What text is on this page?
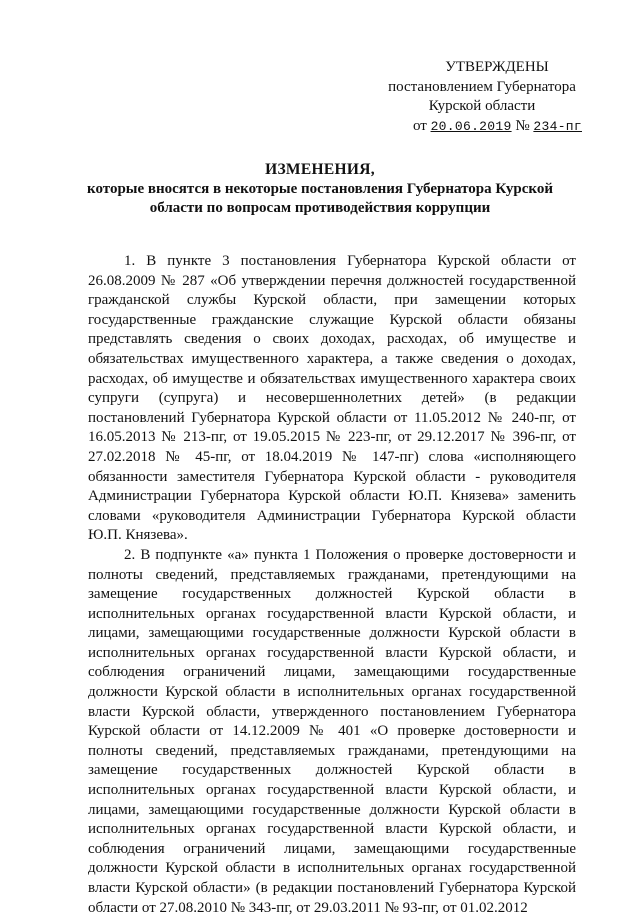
УТВЕРЖДЕНЫ
постановлением Губернатора
Курской области
от 20.06.2019 № 234-пг
ИЗМЕНЕНИЯ,
которые вносятся в некоторые постановления Губернатора Курской области по вопросам противодействия коррупции

1. В пункте 3 постановления Губернатора Курской области от 26.08.2009 № 287 «Об утверждении перечня должностей государственной гражданской службы Курской области, при замещении которых государственные гражданские служащие Курской области обязаны представлять сведения о своих доходах, расходах, об имуществе и обязательствах имущественного характера, а также сведения о доходах, расходах, об имуществе и обязательствах имущественного характера своих супруги (супруга) и несовершеннолетних детей» (в редакции постановлений Губернатора Курской области от 11.05.2012 № 240-пг, от 16.05.2013 № 213-пг, от 19.05.2015 № 223-пг, от 29.12.2017 № 396-пг, от 27.02.2018 № 45-пг, от 18.04.2019 № 147-пг) слова «исполняющего обязанности заместителя Губернатора Курской области - руководителя Администрации Губернатора Курской области Ю.П. Князева» заменить словами «руководителя Администрации Губернатора Курской области Ю.П. Князева».

2. В подпункте «а» пункта 1 Положения о проверке достоверности и полноты сведений, представляемых гражданами, претендующими на замещение государственных должностей Курской области в исполнительных органах государственной власти Курской области, и лицами, замещающими государственные должности Курской области в исполнительных органах государственной власти Курской области, и соблюдения ограничений лицами, замещающими государственные должности Курской области в исполнительных органах государственной власти Курской области, утвержденного постановлением Губернатора Курской области от 14.12.2009 № 401 «О проверке достоверности и полноты сведений, представляемых гражданами, претендующими на замещение государственных должностей Курской области в исполнительных органах государственной власти Курской области, и лицами, замещающими государственные должности Курской области в исполнительных органах государственной власти Курской области, и соблюдения ограничений лицами, замещающими государственные должности Курской области в исполнительных органах государственной власти Курской области» (в редакции постановлений Губернатора Курской области от 27.08.2010 № 343-пг, от 29.03.2011 № 93-пг, от 01.02.2012
